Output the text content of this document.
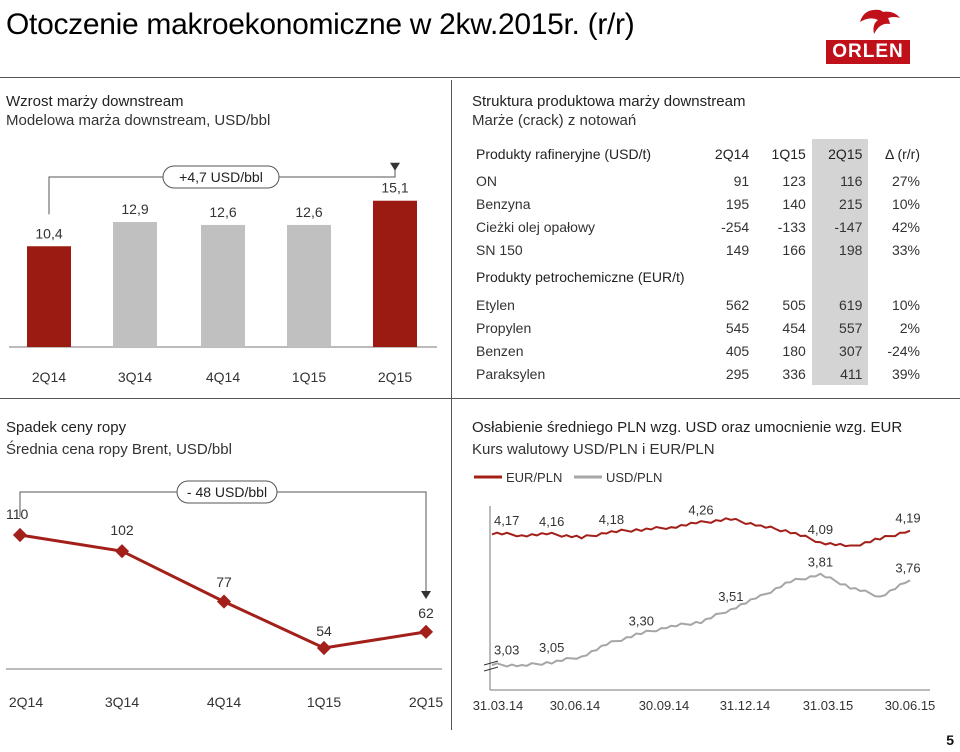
Otoczenie makroekonomiczne w 2kw.2015r. (r/r)
ORLEN
Wzrost marży downstream
Modelowa marża downstream, USD/bbl
10,4
2Q14
12,9
3Q14
12,6
4Q14
12,6
1Q15
15,1
2Q15
+4,7 USD/bbl
Struktura produktowa marży downstream
Marże (crack) z notowań
Produkty rafineryjne (USD/t)	2Q14	1Q15	2Q15	Δ (r/r)
ON	91	123	116	27%
Benzyna	195	140	215	10%
Cieżki olej opałowy	-254	-133	-147	42%
SN 150	149	166	198	33%
Produkty petrochemiczne (EUR/t)				
Etylen	562	505	619	10%
Propylen	545	454	557	2%
Benzen	405	180	307	-24%
Paraksylen	295	336	411	39%
Spadek ceny ropy
Średnia cena ropy Brent, USD/bbl
110
2Q14
102
3Q14
77
4Q14
54
1Q15
62
2Q15
- 48 USD/bbl
Osłabienie średniego PLN wzg. USD oraz umocnienie wzg. EUR
Kurs walutowy USD/PLN i EUR/PLN
EUR/PLN	USD/PLN
4,17 4,16	4,18
4,26
4,09
4,19
3,03 3,05
3,30
3,51
3,81	3,76
31.03.14 30.06.14	30.09.14 31.12.14 31.03.15 30.06.15
5
